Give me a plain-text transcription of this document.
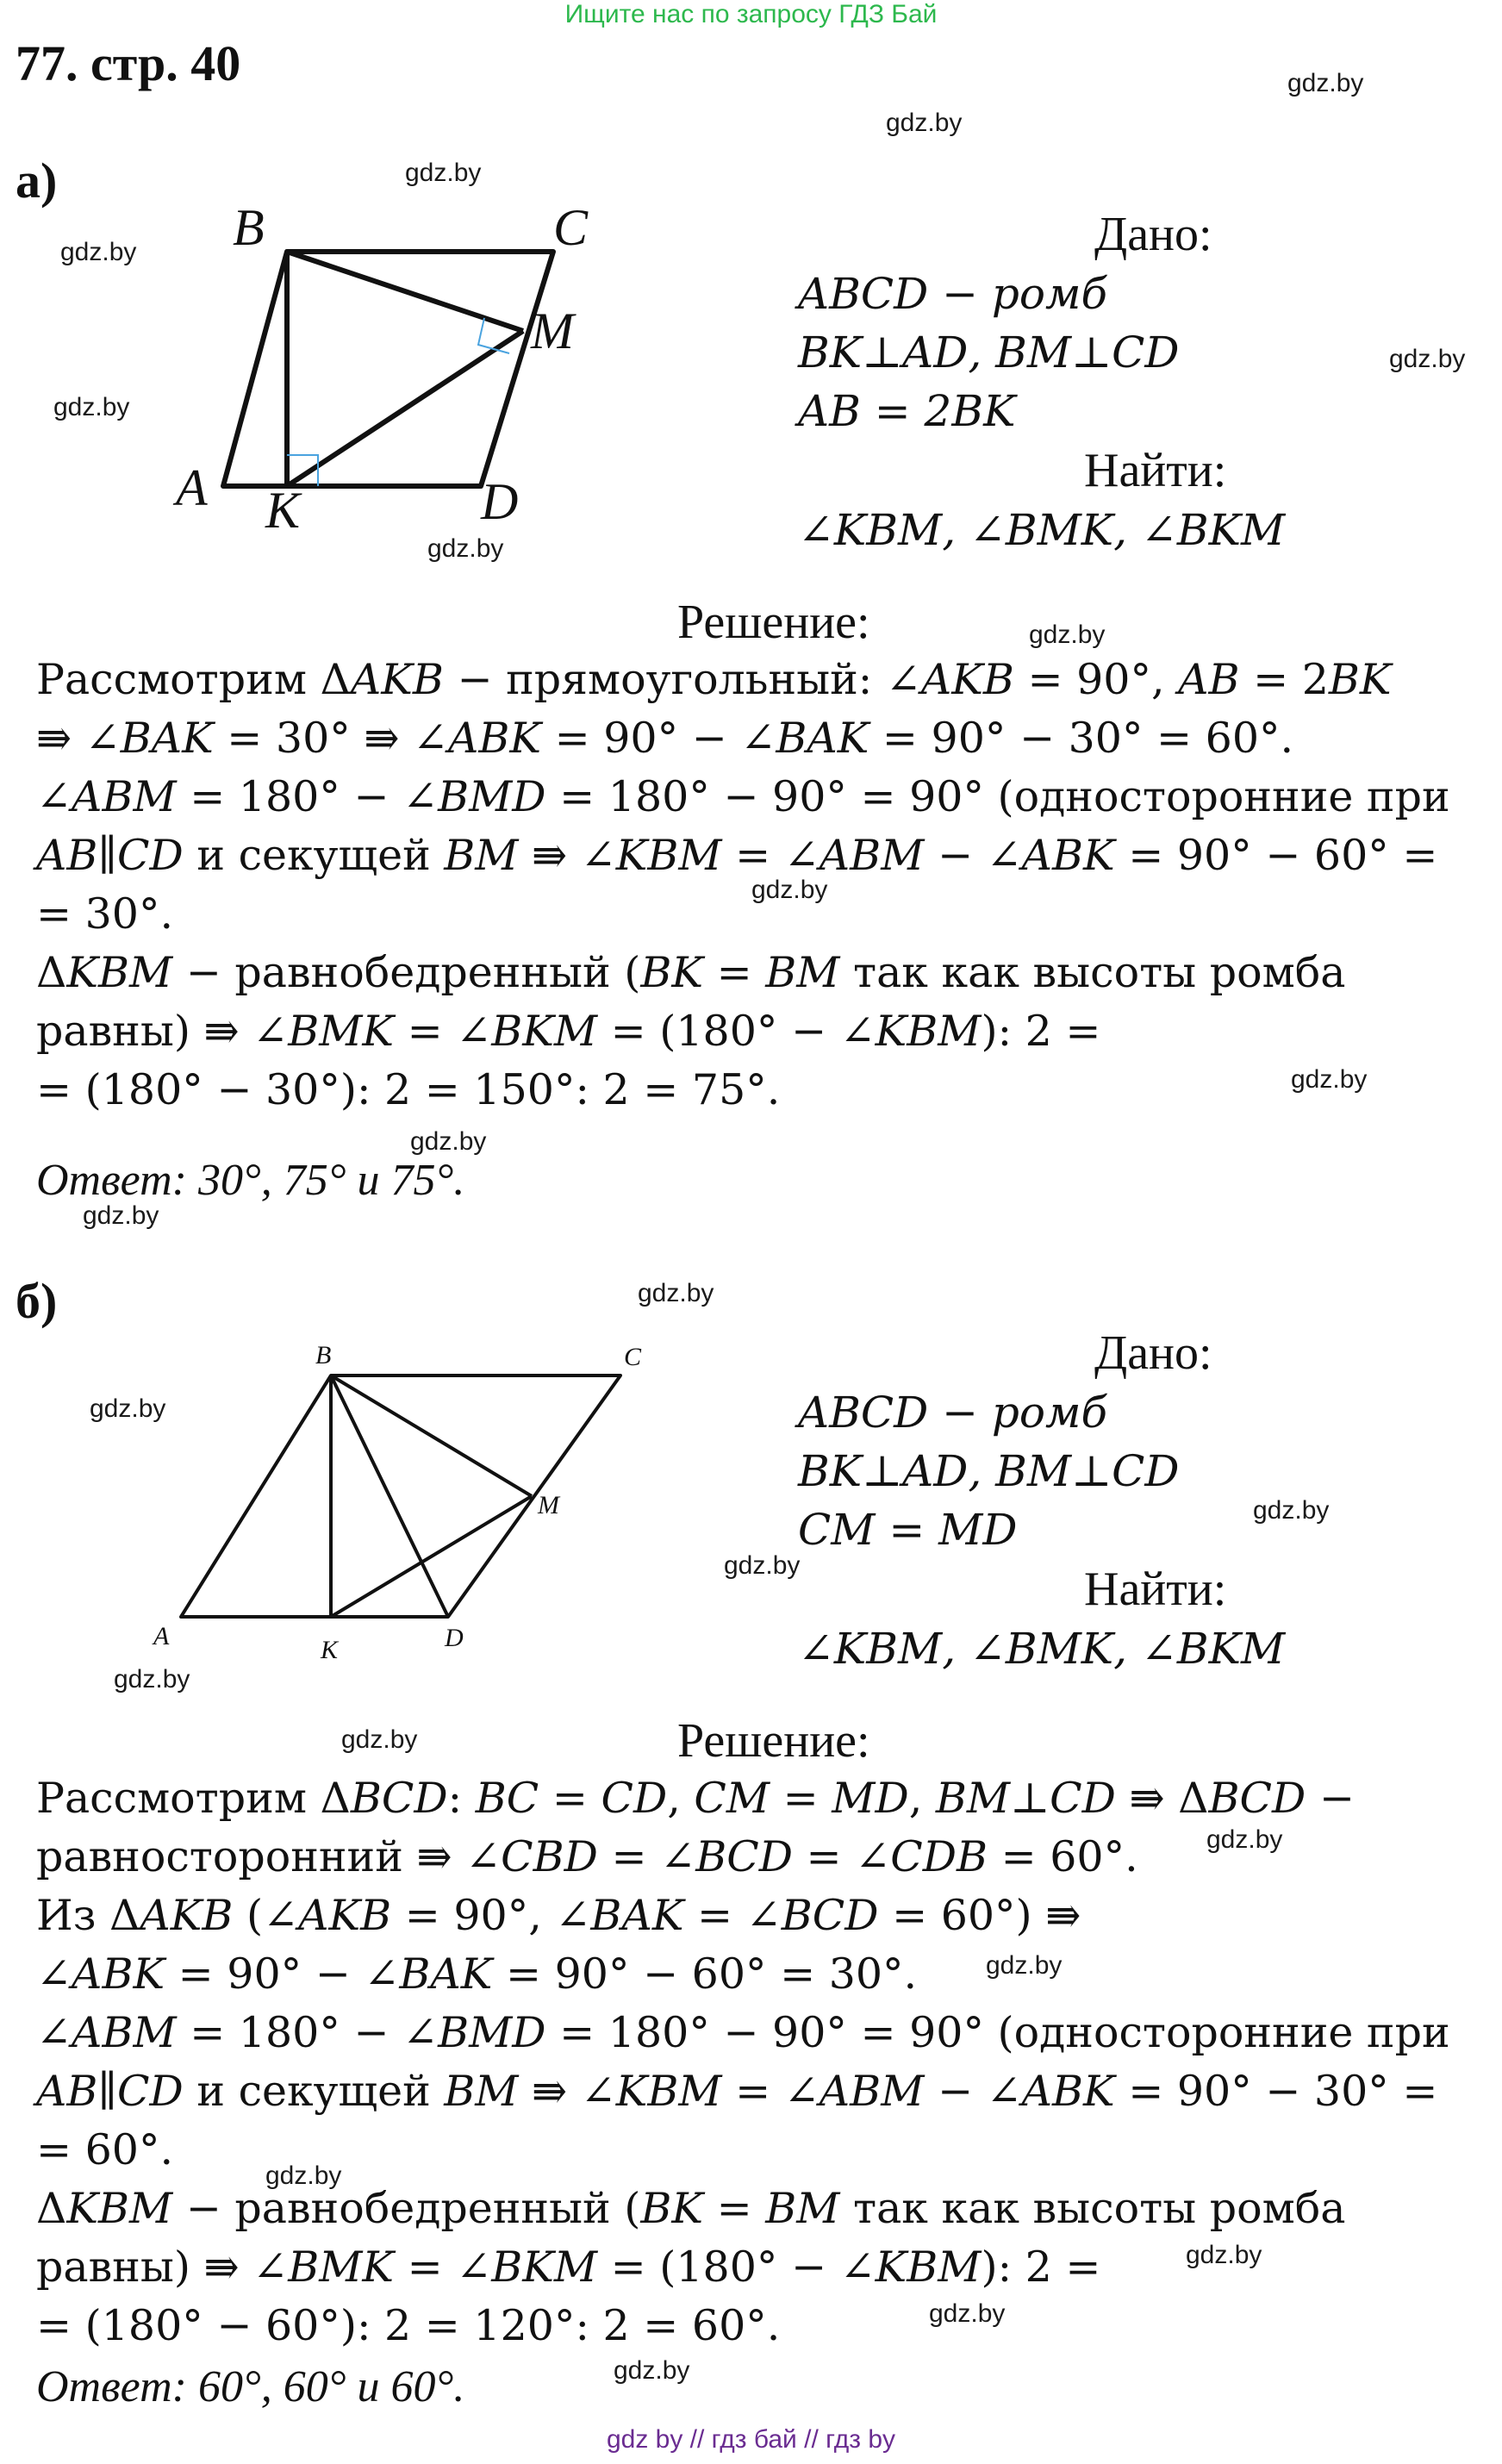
Ищите нас по запросу ГДЗ Бай
77. стр. 40	gdz.by
gdz.by
gdz.by
gdz.by
gdz.by
gdz.by
gdz.by
gdz.by
gdz.by
gdz.by
gdz.by
gdz.by
gdz.by
gdz.by
gdz.by
gdz.by
gdz.by
gdz.by
gdz.by
gdz.by
gdz.by
gdz.by
gdz.by
gdz.by
а)
B	C
M
A K	D
Дано:
𝐴𝐵𝐶𝐷 − ромб
𝐵𝐾⊥𝐴𝐷, 𝐵𝑀⊥𝐶𝐷
𝐴𝐵 = 2𝐵𝐾
Найти:
∠𝐾𝐵𝑀, ∠𝐵𝑀𝐾, ∠𝐵𝐾𝑀
Решение:
Рассмотрим Δ𝐴𝐾𝐵 − прямоугольный: ∠𝐴𝐾𝐵 = 90°, 𝐴𝐵 = 2𝐵𝐾
⇛ ∠𝐵𝐴𝐾 = 30° ⇛ ∠𝐴𝐵𝐾 = 90° − ∠𝐵𝐴𝐾 = 90° − 30° = 60°.
∠𝐴𝐵𝑀 = 180° − ∠𝐵𝑀𝐷 = 180° − 90° = 90° (односторонние при
𝐴𝐵∥𝐶𝐷 и секущей 𝐵𝑀 ⇛ ∠𝐾𝐵𝑀 = ∠𝐴𝐵𝑀 − ∠𝐴𝐵𝐾 = 90° − 60° =
= 30°.
Δ𝐾𝐵𝑀 − равнобедренный (𝐵𝐾 = 𝐵𝑀 так как высоты ромба
равны) ⇛ ∠𝐵𝑀𝐾 = ∠𝐵𝐾𝑀 = (180° − ∠𝐾𝐵𝑀): 2 =
= (180° − 30°): 2 = 150°: 2 = 75°.
Ответ: 30°, 75° и 75°.
б)
B	C
M
A	K	D
Дано:
𝐴𝐵𝐶𝐷 − ромб
𝐵𝐾⊥𝐴𝐷, 𝐵𝑀⊥𝐶𝐷
𝐶𝑀 = 𝑀𝐷
Найти:
∠𝐾𝐵𝑀, ∠𝐵𝑀𝐾, ∠𝐵𝐾𝑀
Решение:
Рассмотрим Δ𝐵𝐶𝐷: 𝐵𝐶 = 𝐶𝐷, 𝐶𝑀 = 𝑀𝐷, 𝐵𝑀⊥𝐶𝐷 ⇛ Δ𝐵𝐶𝐷 −
равносторонний ⇛ ∠𝐶𝐵𝐷 = ∠𝐵𝐶𝐷 = ∠𝐶𝐷𝐵 = 60°.
Из Δ𝐴𝐾𝐵 (∠𝐴𝐾𝐵 = 90°, ∠𝐵𝐴𝐾 = ∠𝐵𝐶𝐷 = 60°) ⇛
∠𝐴𝐵𝐾 = 90° − ∠𝐵𝐴𝐾 = 90° − 60° = 30°.
∠𝐴𝐵𝑀 = 180° − ∠𝐵𝑀𝐷 = 180° − 90° = 90° (односторонние при
𝐴𝐵∥𝐶𝐷 и секущей 𝐵𝑀 ⇛ ∠𝐾𝐵𝑀 = ∠𝐴𝐵𝑀 − ∠𝐴𝐵𝐾 = 90° − 30° =
= 60°.
Δ𝐾𝐵𝑀 − равнобедренный (𝐵𝐾 = 𝐵𝑀 так как высоты ромба
равны) ⇛ ∠𝐵𝑀𝐾 = ∠𝐵𝐾𝑀 = (180° − ∠𝐾𝐵𝑀): 2 =
= (180° − 60°): 2 = 120°: 2 = 60°.
Ответ: 60°, 60° и 60°.
gdz by // гдз бай // гдз by
